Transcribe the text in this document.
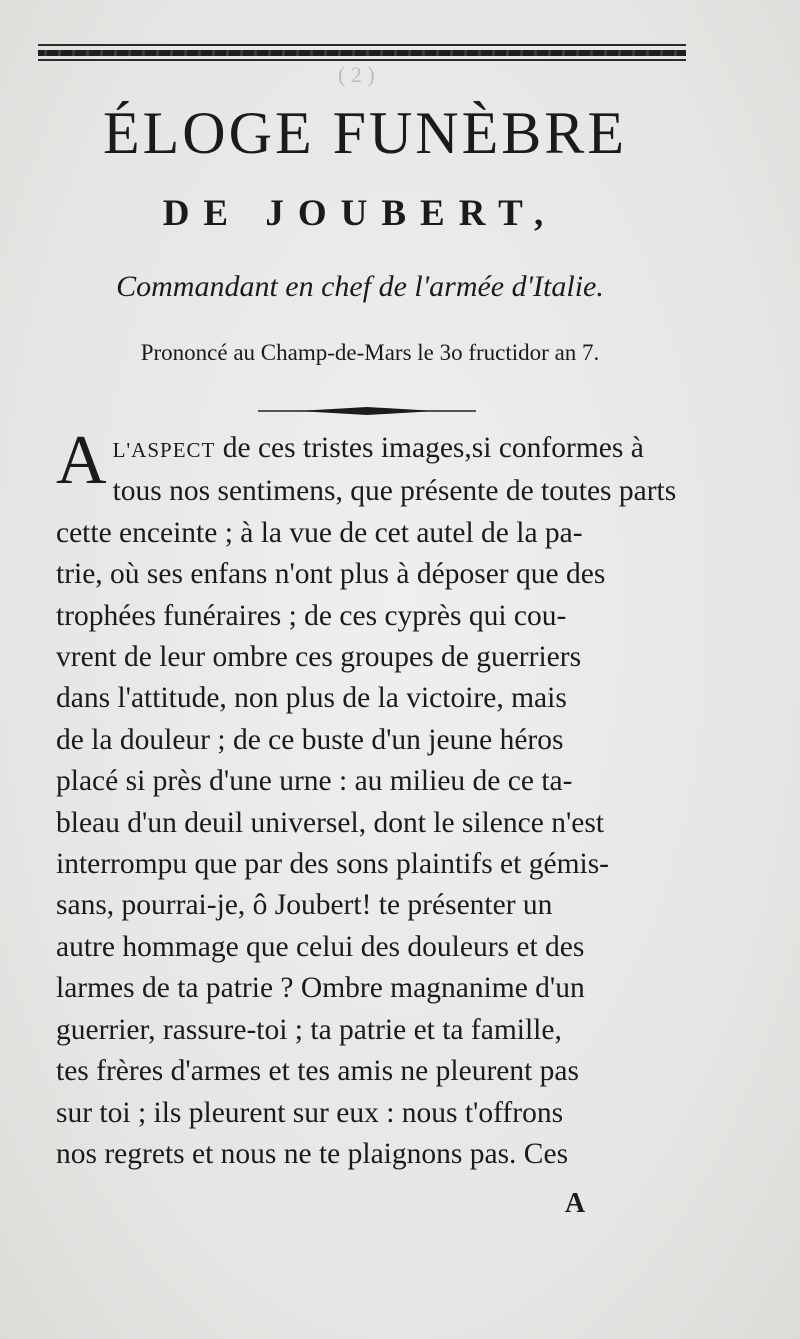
( 2 )
ÉLOGE FUNÈBRE
DE JOUBERT,
Commandant en chef de l'armée d'Italie.
Prononcé au Champ-de-Mars le 3o fructidor an 7.
A L'ASPECT de ces tristes images,si conformes à
tous nos sentimens, que présente de toutes parts
cette enceinte ; à la vue de cet autel de la pa-
trie, où ses enfans n'ont plus à déposer que des
trophées funéraires ; de ces cyprès qui cou-
vrent de leur ombre ces groupes de guerriers
dans l'attitude, non plus de la victoire, mais
de la douleur ; de ce buste d'un jeune héros
placé si près d'une urne : au milieu de ce ta-
bleau d'un deuil universel, dont le silence n'est
interrompu que par des sons plaintifs et gémis-
sans, pourrai-je, ô Joubert! te présenter un
autre hommage que celui des douleurs et des
larmes de ta patrie ? Ombre magnanime d'un
guerrier, rassure-toi ; ta patrie et ta famille,
tes frères d'armes et tes amis ne pleurent pas
sur toi ; ils pleurent sur eux : nous t'offrons
nos regrets et nous ne te plaignons pas. Ces
A
